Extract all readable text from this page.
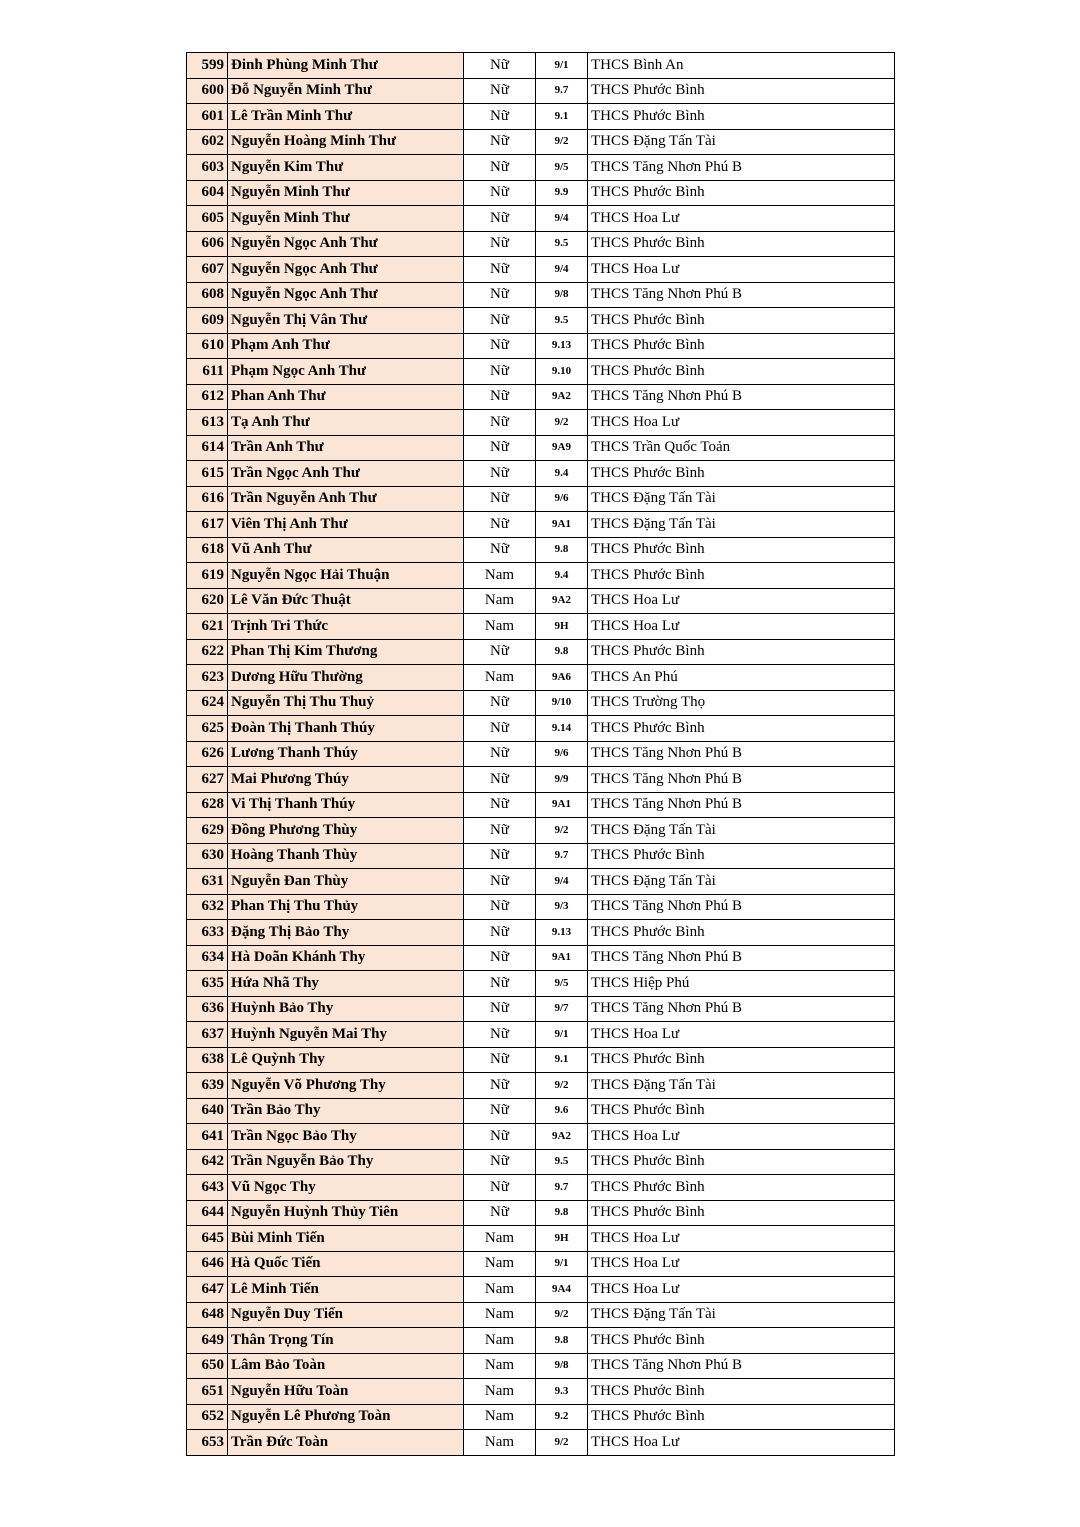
599	Đinh Phùng Minh Thư	Nữ	9/1	THCS Bình An
600	Đỗ Nguyễn Minh Thư	Nữ	9.7	THCS Phước Bình
601	Lê Trần Minh Thư	Nữ	9.1	THCS Phước Bình
602	Nguyễn Hoàng Minh Thư	Nữ	9/2	THCS Đặng Tấn Tài
603	Nguyễn Kim Thư	Nữ	9/5	THCS Tăng Nhơn Phú B
604	Nguyễn Minh Thư	Nữ	9.9	THCS Phước Bình
605	Nguyễn Minh Thư	Nữ	9/4	THCS Hoa Lư
606	Nguyễn Ngọc Anh Thư	Nữ	9.5	THCS Phước Bình
607	Nguyễn Ngọc Anh Thư	Nữ	9/4	THCS Hoa Lư
608	Nguyễn Ngọc Anh Thư	Nữ	9/8	THCS Tăng Nhơn Phú B
609	Nguyễn Thị Vân Thư	Nữ	9.5	THCS Phước Bình
610	Phạm Anh Thư	Nữ	9.13	THCS Phước Bình
611	Phạm Ngọc Anh Thư	Nữ	9.10	THCS Phước Bình
612	Phan Anh Thư	Nữ	9A2	THCS Tăng Nhơn Phú B
613	Tạ Anh Thư	Nữ	9/2	THCS Hoa Lư
614	Trần Anh Thư	Nữ	9A9	THCS Trần Quốc Toản
615	Trần Ngọc Anh Thư	Nữ	9.4	THCS Phước Bình
616	Trần Nguyễn Anh Thư	Nữ	9/6	THCS Đặng Tấn Tài
617	Viên Thị Anh Thư	Nữ	9A1	THCS Đặng Tấn Tài
618	Vũ Anh Thư	Nữ	9.8	THCS Phước Bình
619	Nguyễn Ngọc Hải Thuận	Nam	9.4	THCS Phước Bình
620	Lê Văn Đức Thuật	Nam	9A2	THCS Hoa Lư
621	Trịnh Tri Thức	Nam	9H	THCS Hoa Lư
622	Phan Thị Kim Thương	Nữ	9.8	THCS Phước Bình
623	Dương Hữu Thường	Nam	9A6	THCS An Phú
624	Nguyễn Thị Thu Thuỷ	Nữ	9/10	THCS Trường Thọ
625	Đoàn Thị Thanh Thúy	Nữ	9.14	THCS Phước Bình
626	Lương Thanh Thúy	Nữ	9/6	THCS Tăng Nhơn Phú B
627	Mai Phương Thúy	Nữ	9/9	THCS Tăng Nhơn Phú B
628	Vi Thị Thanh Thúy	Nữ	9A1	THCS Tăng Nhơn Phú B
629	Đồng Phương Thùy	Nữ	9/2	THCS Đặng Tấn Tài
630	Hoàng Thanh Thùy	Nữ	9.7	THCS Phước Bình
631	Nguyễn Đan Thùy	Nữ	9/4	THCS Đặng Tấn Tài
632	Phan Thị Thu Thủy	Nữ	9/3	THCS Tăng Nhơn Phú B
633	Đặng Thị Bảo Thy	Nữ	9.13	THCS Phước Bình
634	Hà Doãn Khánh Thy	Nữ	9A1	THCS Tăng Nhơn Phú B
635	Hứa Nhã Thy	Nữ	9/5	THCS Hiệp Phú
636	Huỳnh Bảo Thy	Nữ	9/7	THCS Tăng Nhơn Phú B
637	Huỳnh Nguyễn Mai Thy	Nữ	9/1	THCS Hoa Lư
638	Lê Quỳnh Thy	Nữ	9.1	THCS Phước Bình
639	Nguyễn Võ Phương Thy	Nữ	9/2	THCS Đặng Tấn Tài
640	Trần Bảo Thy	Nữ	9.6	THCS Phước Bình
641	Trần Ngọc Bảo Thy	Nữ	9A2	THCS Hoa Lư
642	Trần Nguyễn Bảo Thy	Nữ	9.5	THCS Phước Bình
643	Vũ Ngọc Thy	Nữ	9.7	THCS Phước Bình
644	Nguyễn Huỳnh Thủy Tiên	Nữ	9.8	THCS Phước Bình
645	Bùi Minh Tiến	Nam	9H	THCS Hoa Lư
646	Hà Quốc Tiến	Nam	9/1	THCS Hoa Lư
647	Lê Minh Tiến	Nam	9A4	THCS Hoa Lư
648	Nguyễn Duy Tiến	Nam	9/2	THCS Đặng Tấn Tài
649	Thân Trọng Tín	Nam	9.8	THCS Phước Bình
650	Lâm Bảo Toàn	Nam	9/8	THCS Tăng Nhơn Phú B
651	Nguyễn Hữu Toàn	Nam	9.3	THCS Phước Bình
652	Nguyễn Lê Phương Toàn	Nam	9.2	THCS Phước Bình
653	Trần Đức Toàn	Nam	9/2	THCS Hoa Lư
